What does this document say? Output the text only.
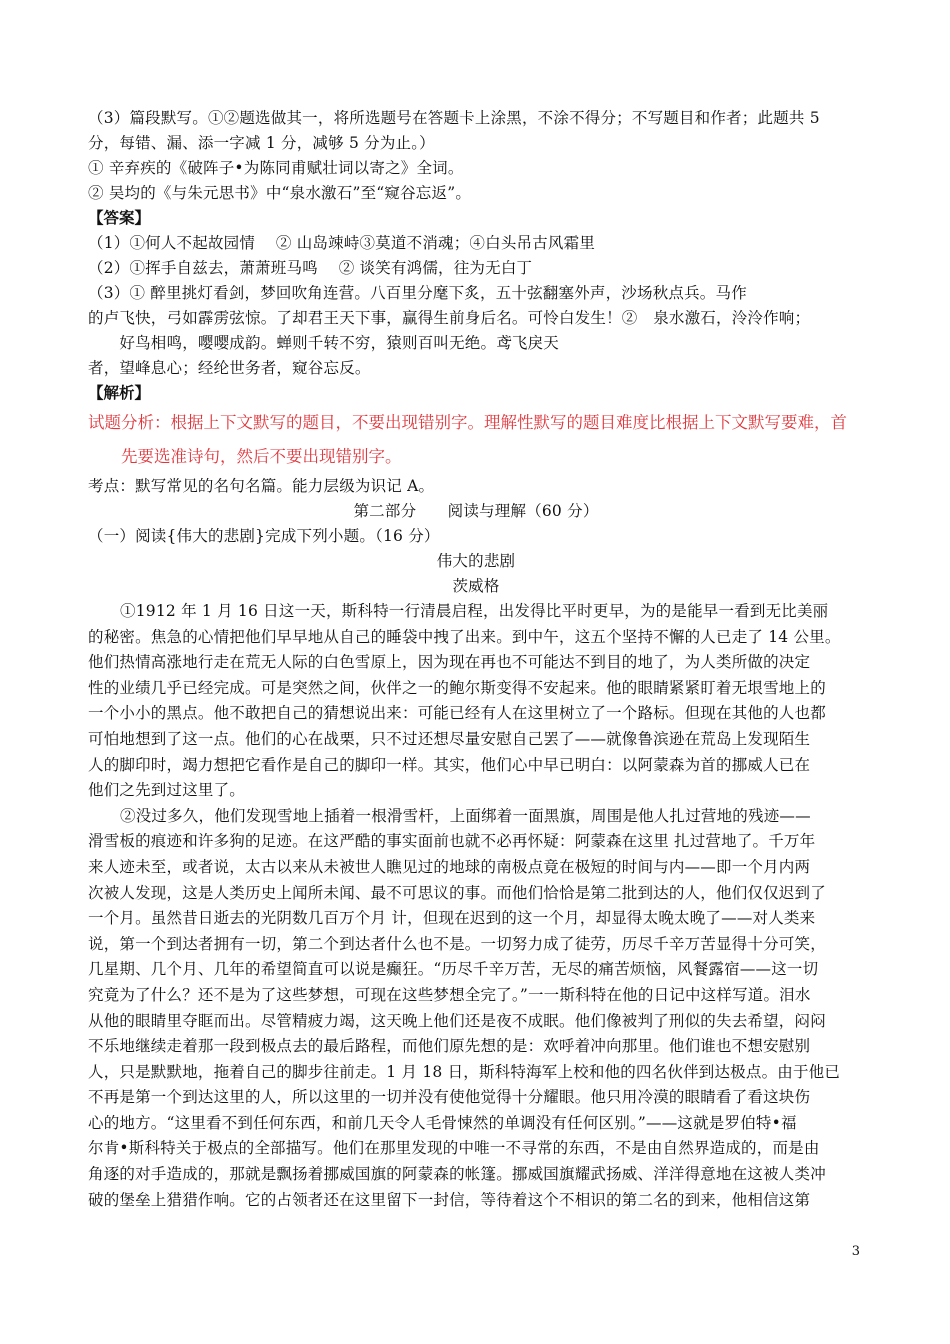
（3）篇段默写。①②题选做其一，将所选题号在答题卡上涂黑，不涂不得分；不写题目和作者；此题共 5
分，每错、漏、添一字减 1 分，减够 5 分为止。）
① 辛弃疾的《破阵子•为陈同甫赋壮词以寄之》全词。
② 吴均的《与朱元思书》中“泉水激石”至“窥谷忘返”。
【答案】
（1）①何人不起故园情　 ② 山岛竦峙③莫道不消魂；④白头吊古风霜里
（2）①挥手自兹去，萧萧班马鸣　 ② 谈笑有鸿儒，往为无白丁
（3）① 醉里挑灯看剑，梦回吹角连营。八百里分麾下炙，五十弦翻塞外声，沙场秋点兵。马作
的卢飞快，弓如霹雳弦惊。了却君王天下事，赢得生前身后名。可怜白发生！②　泉水激石，泠泠作响；
　　好鸟相鸣，嘤嘤成韵。蝉则千转不穷，猿则百叫无绝。鸢飞戾天
者，望峰息心；经纶世务者，窥谷忘反。
【解析】
试题分析：根据上下文默写的题目，不要出现错别字。理解性默写的题目难度比根据上下文默写要难，首
　　先要选准诗句，然后不要出现错别字。
考点：默写常见的名句名篇。能力层级为识记 A。
第二部分　　阅读与理解（60 分）
（一）阅读{伟大的悲剧}完成下列小题。（16 分）
伟大的悲剧
茨威格
①1912 年 1 月 16 日这一天，斯科特一行清晨启程，出发得比平时更早，为的是能早一看到无比美丽
的秘密。焦急的心情把他们早早地从自己的睡袋中拽了出来。到中午，这五个坚持不懈的人已走了 14 公里。
他们热情高涨地行走在荒无人际的白色雪原上，因为现在再也不可能达不到目的地了，为人类所做的决定
性的业绩几乎已经完成。可是突然之间，伙伴之一的鲍尔斯变得不安起来。他的眼睛紧紧盯着无垠雪地上的
一个小小的黑点。他不敢把自己的猜想说出来：可能已经有人在这里树立了一个路标。但现在其他的人也都
可怕地想到了这一点。他们的心在战栗，只不过还想尽量安慰自己罢了——就像鲁滨逊在荒岛上发现陌生
人的脚印时，竭力想把它看作是自己的脚印一样。其实，他们心中早已明白：以阿蒙森为首的挪威人已在
他们之先到过这里了。
②没过多久，他们发现雪地上插着一根滑雪杆，上面绑着一面黑旗，周围是他人扎过营地的残迹——
滑雪板的痕迹和许多狗的足迹。在这严酷的事实面前也就不必再怀疑：阿蒙森在这里 扎过营地了。千万年
来人迹未至，或者说，太古以来从未被世人瞧见过的地球的南极点竟在极短的时间与内——即一个月内两
次被人发现，这是人类历史上闻所未闻、最不可思议的事。而他们恰恰是第二批到达的人，他们仅仅迟到了
一个月。虽然昔日逝去的光阴数几百万个月 计，但现在迟到的这一个月，却显得太晚太晚了——对人类来
说，第一个到达者拥有一切，第二个到达者什么也不是。一切努力成了徒劳，历尽千辛万苦显得十分可笑，
几星期、几个月、几年的希望简直可以说是癫狂。“历尽千辛万苦，无尽的痛苦烦恼，风餐露宿——这一切
究竟为了什么？还不是为了这些梦想，可现在这些梦想全完了。”一一斯科特在他的日记中这样写道。泪水
从他的眼睛里夺眶而出。尽管精疲力竭，这天晚上他们还是夜不成眠。他们像被判了刑似的失去希望，闷闷
不乐地继续走着那一段到极点去的最后路程，而他们原先想的是：欢呼着冲向那里。他们谁也不想安慰别
人，只是默默地，拖着自己的脚步往前走。1 月 18 日，斯科特海军上校和他的四名伙伴到达极点。由于他已
不再是第一个到达这里的人，所以这里的一切并没有使他觉得十分耀眼。他只用冷漠的眼睛看了看这块伤
心的地方。“这里看不到任何东西，和前几天令人毛骨悚然的单调没有任何区别。”——这就是罗伯特•福
尔肯•斯科特关于极点的全部描写。他们在那里发现的中唯一不寻常的东西，不是由自然界造成的，而是由
角逐的对手造成的，那就是飘扬着挪威国旗的阿蒙森的帐篷。挪威国旗耀武扬威、洋洋得意地在这被人类冲
破的堡垒上猎猎作响。它的占领者还在这里留下一封信，等待着这个不相识的第二名的到来，他相信这第
3
